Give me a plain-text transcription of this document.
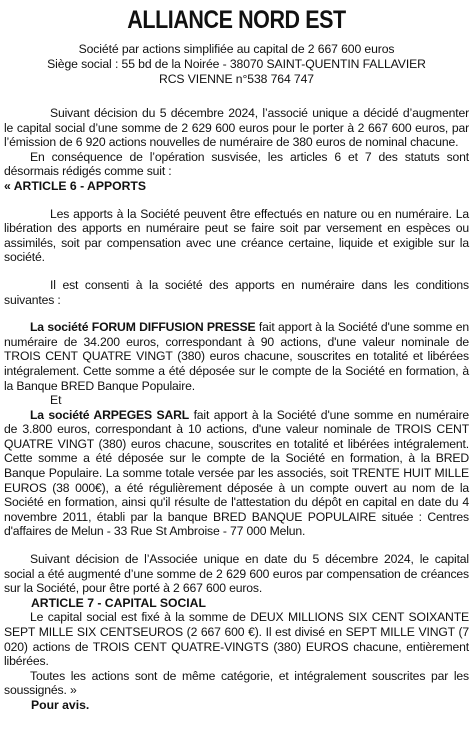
ALLIANCE NORD EST
Société par actions simplifiée au capital de 2 667 600 euros
Siège social : 55 bd de la Noirée - 38070 SAINT-QUENTIN FALLAVIER
RCS VIENNE n°538 764 747

Suivant décision du 5 décembre 2024, l’associé unique a décidé d’augmenter le capital social d’une somme de 2 629 600 euros pour le porter à 2 667 600 euros, par l’émission de 6 920 actions nouvelles de numéraire de 380 euros de nominal chacune.

En conséquence de l’opération susvisée, les articles 6 et 7 des statuts sont désormais rédigés comme suit :

« ARTICLE 6 - APPORTS

Les apports à la Société peuvent être effectués en nature ou en numéraire. La libération des apports en numéraire peut se faire soit par versement en espèces ou assimilés, soit par compensation avec une créance certaine, liquide et exigible sur la société.

Il est consenti à la société des apports en numéraire dans les conditions suivantes :

La société FORUM DIFFUSION PRESSE fait apport à la Société d'une somme en numéraire de 34.200 euros, correspondant à 90 actions, d'une valeur nominale de TROIS CENT QUATRE VINGT (380) euros chacune, souscrites en totalité et libérées intégralement. Cette somme a été déposée sur le compte de la Société en formation, à la Banque BRED Banque Populaire.

Et

La société ARPEGES SARL fait apport à la Société d'une somme en numéraire de 3.800 euros, correspondant à 10 actions, d'une valeur nominale de TROIS CENT QUATRE VINGT (380) euros chacune, souscrites en totalité et libérées intégralement. Cette somme a été déposée sur le compte de la Société en formation, à la BRED Banque Populaire. La somme totale versée par les associés, soit TRENTE HUIT MILLE EUROS (38 000€), a été régulièrement déposée à un compte ouvert au nom de la Société en formation, ainsi qu'il résulte de l'attestation du dépôt en capital en date du 4 novembre 2011, établi par la banque BRED BANQUE POPULAIRE située : Centres d'affaires de Melun - 33 Rue St Ambroise - 77 000 Melun.

Suivant décision de l’Associée unique en date du 5 décembre 2024, le capital social a été augmenté d’une somme de 2 629 600 euros par compensation de créances sur la Société, pour être porté à 2 667 600 euros.

ARTICLE 7 - CAPITAL SOCIAL

Le capital social est fixé à la somme de DEUX MILLIONS SIX CENT SOIXANTE SEPT MILLE SIX CENTSEUROS (2 667 600 €). Il est divisé en SEPT MILLE VINGT (7 020) actions de TROIS CENT QUATRE-VINGTS (380) EUROS chacune, entièrement libérées.

Toutes les actions sont de même catégorie, et intégralement souscrites par les soussignés. »

Pour avis.
